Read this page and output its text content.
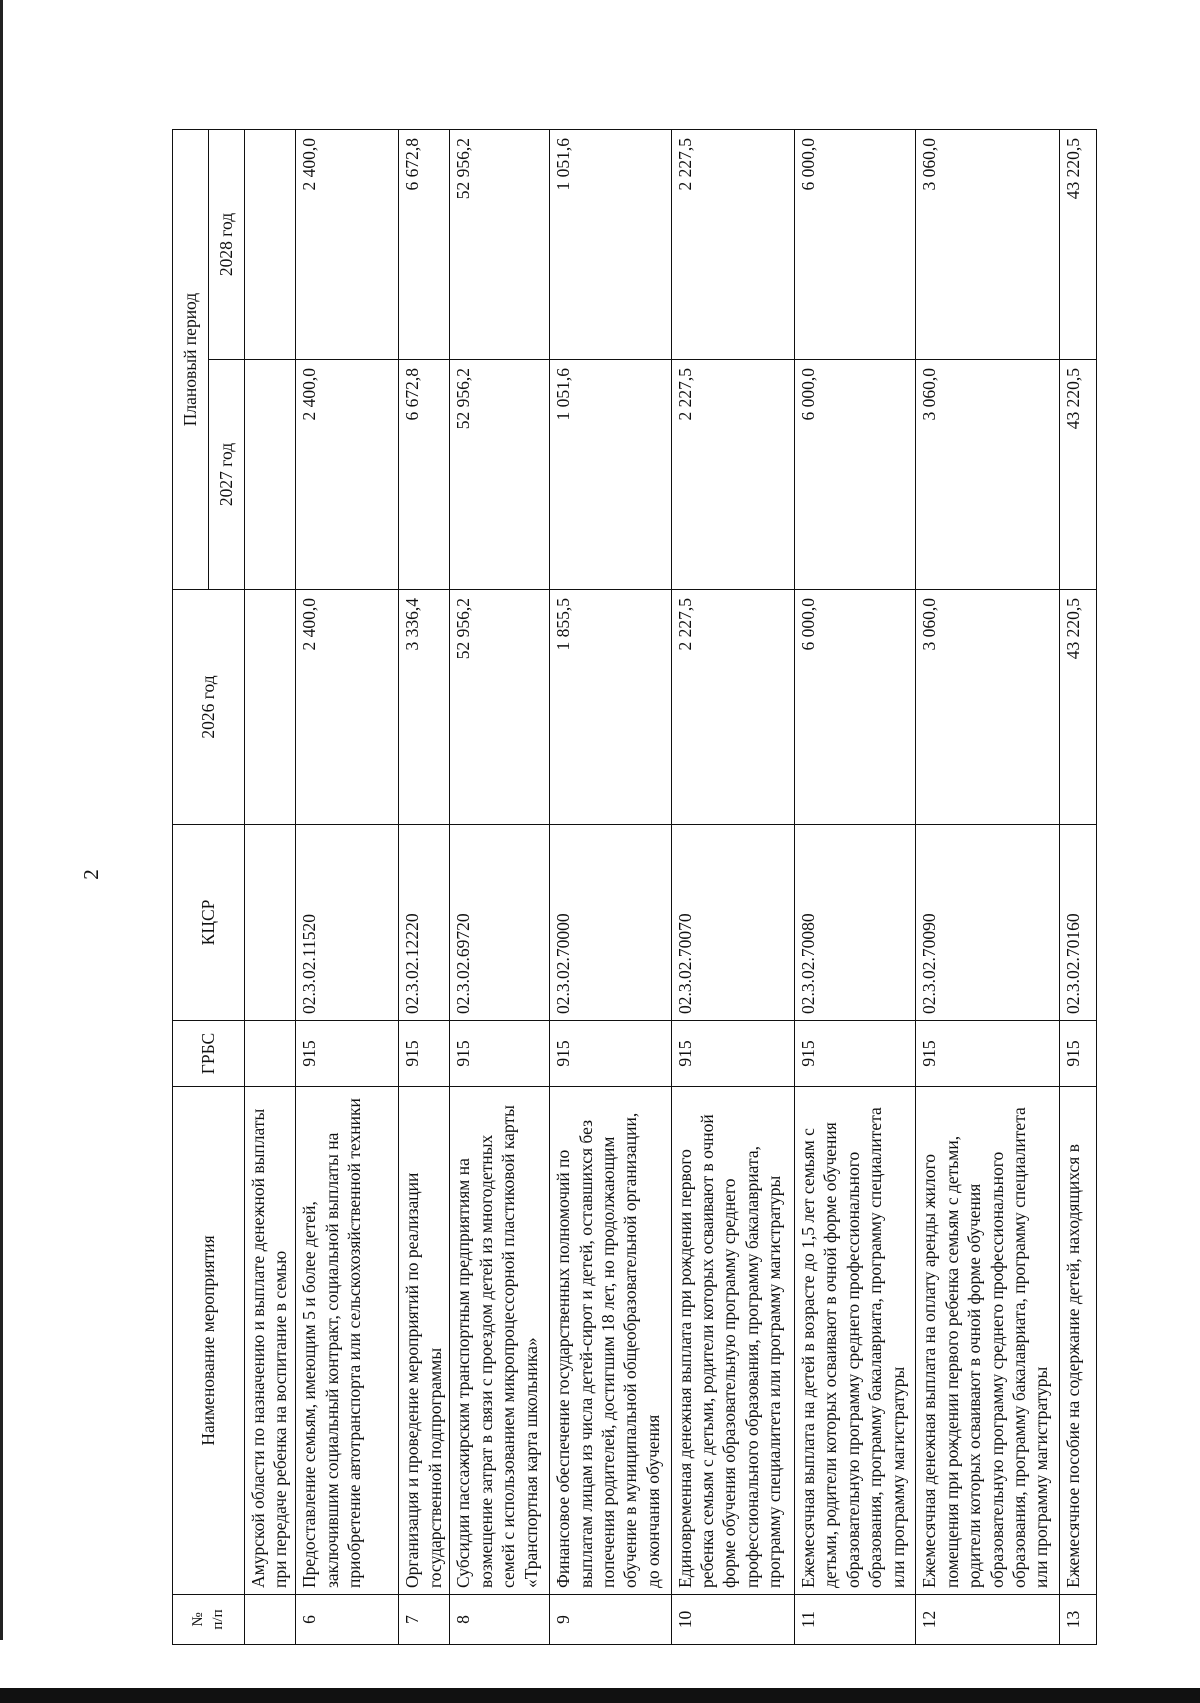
2
№
п/п	Наименование мероприятия	ГРБС	КЦСР	2026 год	Плановый период	
					2027 год	2028 год
	Амурской области по назначению и выплате денежной выплаты при передаче ребенка на воспитание в семью					
6	Предоставление семьям, имеющим 5 и более детей, заключившим социальный контракт, социальной выплаты на приобретение автотранспорта или сельскохозяйственной техники	915	02.3.02.11520	2 400,0	2 400,0	2 400,0
7	Организация и проведение мероприятий по реализации государственной подпрограммы	915	02.3.02.12220	3 336,4	6 672,8	6 672,8
8	Субсидии пассажирским транспортным предприятиям на возмещение затрат в связи с проездом детей из многодетных семей с использованием микропроцессорной пластиковой карты «Транспортная карта школьника»	915	02.3.02.69720	52 956,2	52 956,2	52 956,2
9	Финансовое обеспечение государственных полномочий по выплатам лицам из числа детей-сирот и детей, оставшихся без попечения родителей, достигшим 18 лет, но продолжающим обучение в муниципальной общеобразовательной организации, до окончания обучения	915	02.3.02.70000	1 855,5	1 051,6	1 051,6
10	Единовременная денежная выплата при рождении первого ребенка семьям с детьми, родители которых осваивают в очной форме обучения образовательную программу среднего профессионального образования, программу бакалавриата, программу специалитета или программу магистратуры	915	02.3.02.70070	2 227,5	2 227,5	2 227,5
11	Ежемесячная выплата на детей в возрасте до 1,5 лет семьям с детьми, родители которых осваивают в очной форме обучения образовательную программу среднего профессионального образования, программу бакалавриата, программу специалитета или программу магистратуры	915	02.3.02.70080	6 000,0	6 000,0	6 000,0
12	Ежемесячная денежная выплата на оплату аренды жилого помещения при рождении первого ребенка семьям с детьми, родители которых осваивают в очной форме обучения образовательную программу среднего профессионального образования, программу бакалавриата, программу специалитета или программу магистратуры	915	02.3.02.70090	3 060,0	3 060,0	3 060,0
13	Ежемесячное пособие на содержание детей, находящихся в	915	02.3.02.70160	43 220,5	43 220,5	43 220,5
